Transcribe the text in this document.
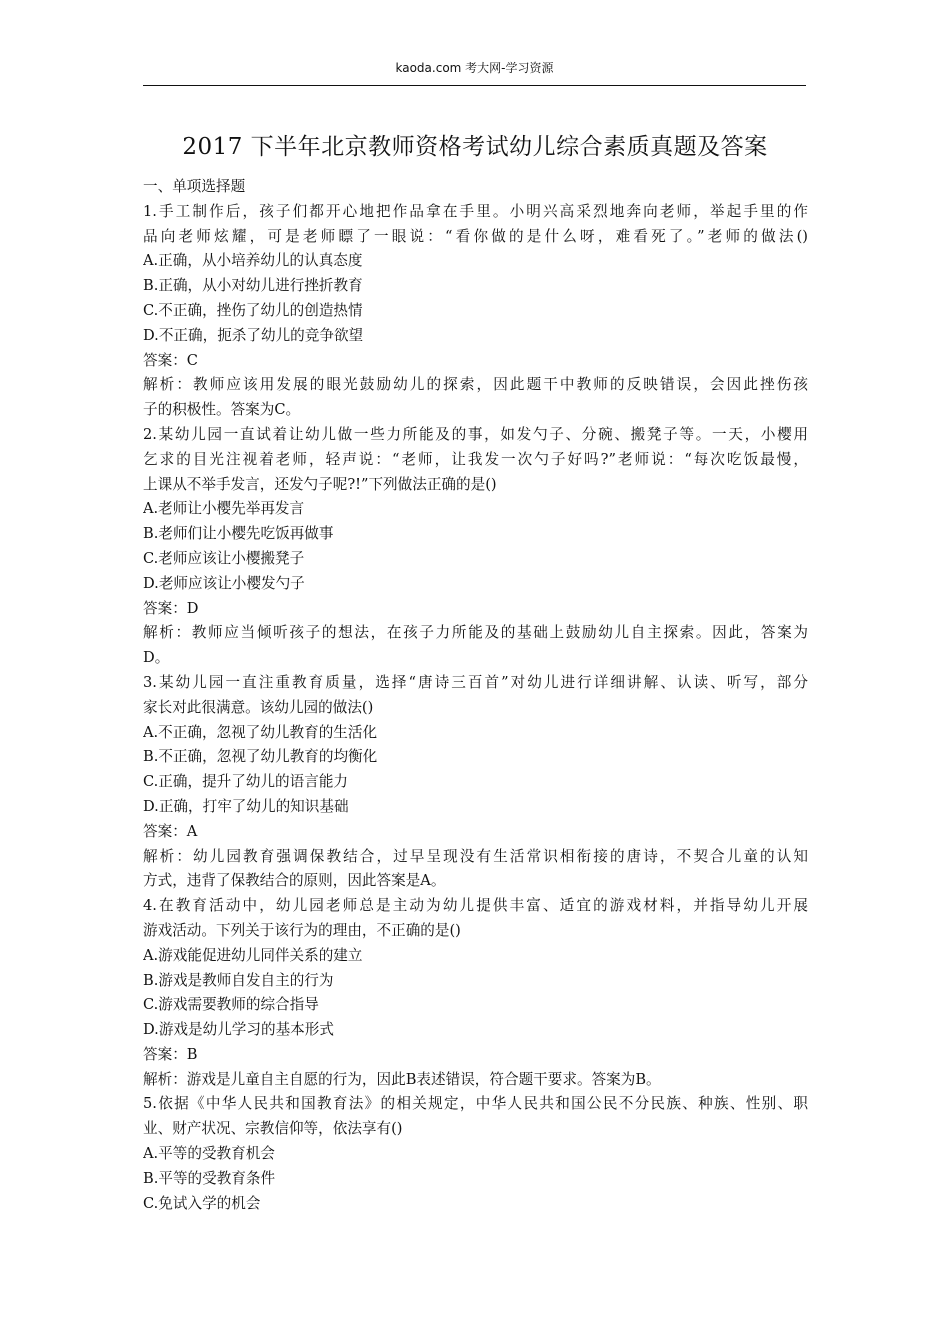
kaoda.com 考大网-学习资源
2017 下半年北京教师资格考试幼儿综合素质真题及答案
一、单项选择题
1.手工制作后，孩子们都开心地把作品拿在手里。小明兴高采烈地奔向老师，举起手里的作
品向老师炫耀，可是老师瞟了一眼说：“看你做的是什么呀，难看死了。”老师的做法()
A.正确，从小培养幼儿的认真态度
B.正确，从小对幼儿进行挫折教育
C.不正确，挫伤了幼儿的创造热情
D.不正确，扼杀了幼儿的竞争欲望
答案：C
解析：教师应该用发展的眼光鼓励幼儿的探索，因此题干中教师的反映错误，会因此挫伤孩
子的积极性。答案为C。
2.某幼儿园一直试着让幼儿做一些力所能及的事，如发勺子、分碗、搬凳子等。一天，小樱用
乞求的目光注视着老师，轻声说：“老师，让我发一次勺子好吗?”老师说：“每次吃饭最慢，
上课从不举手发言，还发勺子呢?!”下列做法正确的是()
A.老师让小樱先举再发言
B.老师们让小樱先吃饭再做事
C.老师应该让小樱搬凳子
D.老师应该让小樱发勺子
答案：D
解析：教师应当倾听孩子的想法，在孩子力所能及的基础上鼓励幼儿自主探索。因此，答案为
D。
3.某幼儿园一直注重教育质量，选择“唐诗三百首”对幼儿进行详细讲解、认读、听写，部分
家长对此很满意。该幼儿园的做法()
A.不正确，忽视了幼儿教育的生活化
B.不正确，忽视了幼儿教育的均衡化
C.正确，提升了幼儿的语言能力
D.正确，打牢了幼儿的知识基础
答案：A
解析：幼儿园教育强调保教结合，过早呈现没有生活常识相衔接的唐诗，不契合儿童的认知
方式，违背了保教结合的原则，因此答案是A。
4.在教育活动中，幼儿园老师总是主动为幼儿提供丰富、适宜的游戏材料，并指导幼儿开展
游戏活动。下列关于该行为的理由，不正确的是()
A.游戏能促进幼儿同伴关系的建立
B.游戏是教师自发自主的行为
C.游戏需要教师的综合指导
D.游戏是幼儿学习的基本形式
答案：B
解析：游戏是儿童自主自愿的行为，因此B表述错误，符合题干要求。答案为B。
5.依据《中华人民共和国教育法》的相关规定，中华人民共和国公民不分民族、种族、性别、职
业、财产状况、宗教信仰等，依法享有()
A.平等的受教育机会
B.平等的受教育条件
C.免试入学的机会
